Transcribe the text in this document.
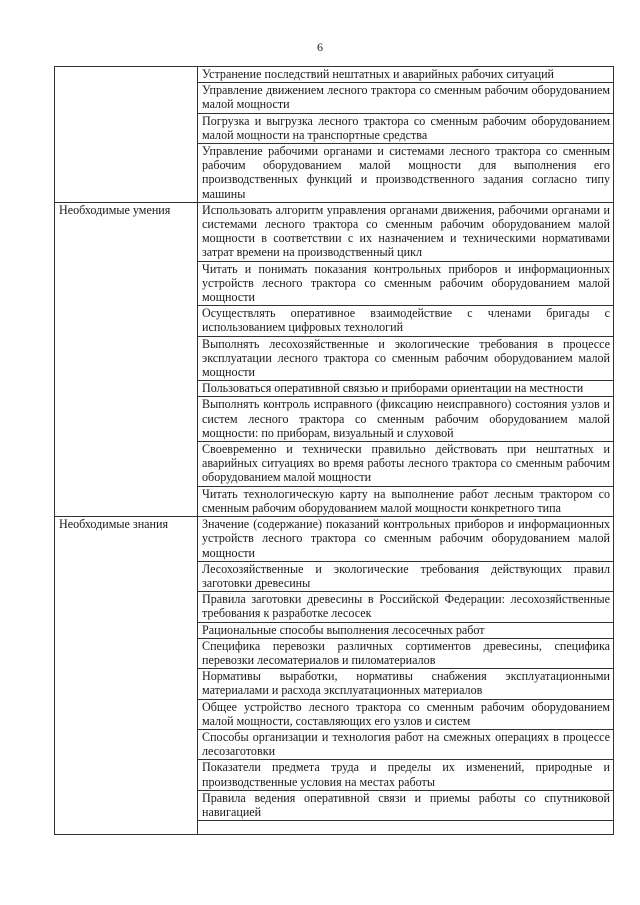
6
	Устранение последствий нештатных и аварийных рабочих ситуаций
	Управление движением лесного трактора со сменным рабочим оборудованием малой мощности
	Погрузка и выгрузка лесного трактора со сменным рабочим оборудованием малой мощности на транспортные средства
	Управление рабочими органами и системами лесного трактора со сменным рабочим оборудованием малой мощности для выполнения его производственных функций и производственного задания согласно типу машины
Необходимые умения	Использовать алгоритм управления органами движения, рабочими органами и системами лесного трактора со сменным рабочим оборудованием малой мощности в соответствии с их назначением и техническими нормативами затрат времени на производственный цикл
	Читать и понимать показания контрольных приборов и информационных устройств лесного трактора со сменным рабочим оборудованием малой мощности
	Осуществлять оперативное взаимодействие с членами бригады с использованием цифровых технологий
	Выполнять лесохозяйственные и экологические требования в процессе эксплуатации лесного трактора со сменным рабочим оборудованием малой мощности
	Пользоваться оперативной связью и приборами ориентации на местности
	Выполнять контроль исправного (фиксацию неисправного) состояния узлов и систем лесного трактора со сменным рабочим оборудованием малой мощности: по приборам, визуальный и слуховой
	Своевременно и технически правильно действовать при нештатных и аварийных ситуациях во время работы лесного трактора со сменным рабочим оборудованием малой мощности
	Читать технологическую карту на выполнение работ лесным трактором со сменным рабочим оборудованием малой мощности конкретного типа
Необходимые знания	Значение (содержание) показаний контрольных приборов и информационных устройств лесного трактора со сменным рабочим оборудованием малой мощности
	Лесохозяйственные и экологические требования действующих правил заготовки древесины
	Правила заготовки древесины в Российской Федерации: лесохозяйственные требования к разработке лесосек
	Рациональные способы выполнения лесосечных работ
	Специфика перевозки различных сортиментов древесины, специфика перевозки лесоматериалов и пиломатериалов
	Нормативы выработки, нормативы снабжения эксплуатационными материалами и расхода эксплуатационных материалов
	Общее устройство лесного трактора со сменным рабочим оборудованием малой мощности, составляющих его узлов и систем
	Способы организации и технология работ на смежных операциях в процессе лесозаготовки
	Показатели предмета труда и пределы их изменений, природные и производственные условия на местах работы
	Правила ведения оперативной связи и приемы работы со спутниковой навигацией
